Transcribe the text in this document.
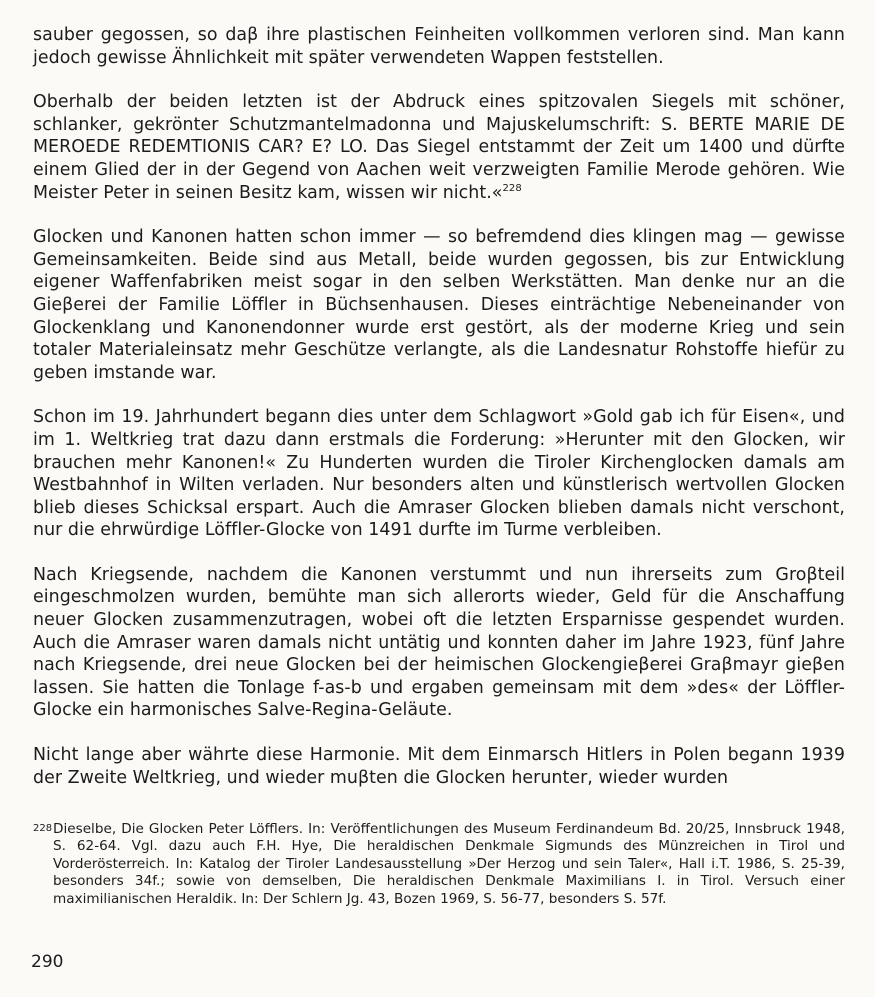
sauber gegossen, so daβ ihre plastischen Feinheiten vollkommen verloren sind. Man kann jedoch gewisse Ähnlichkeit mit später verwendeten Wappen feststellen.

Oberhalb der beiden letzten ist der Abdruck eines spitzovalen Siegels mit schöner, schlanker, gekrönter Schutzmantelmadonna und Majuskelumschrift: S. BERTE MARIE DE MEROEDE REDEMTIONIS CAR? E? LO. Das Siegel entstammt der Zeit um 1400 und dürfte einem Glied der in der Gegend von Aachen weit verzweigten Familie Merode gehören. Wie Meister Peter in seinen Besitz kam, wissen wir nicht.«$^{228}$

Glocken und Kanonen hatten schon immer — so befremdend dies klingen mag — gewisse Gemeinsamkeiten. Beide sind aus Metall, beide wurden gegossen, bis zur Entwicklung eigener Waffenfabriken meist sogar in den selben Werkstätten. Man denke nur an die Gieβerei der Familie Löffler in Büchsenhausen. Dieses einträchtige Nebeneinander von Glockenklang und Kanonendonner wurde erst gestört, als der moderne Krieg und sein totaler Materialeinsatz mehr Geschütze verlangte, als die Landesnatur Rohstoffe hiefür zu geben imstande war.

Schon im 19. Jahrhundert begann dies unter dem Schlagwort »Gold gab ich für Eisen«, und im 1. Weltkrieg trat dazu dann erstmals die Forderung: »Herunter mit den Glocken, wir brauchen mehr Kanonen!« Zu Hunderten wurden die Tiroler Kirchenglocken damals am Westbahnhof in Wilten verladen. Nur besonders alten und künstlerisch wertvollen Glocken blieb dieses Schicksal erspart. Auch die Amraser Glocken blieben damals nicht verschont, nur die ehrwürdige Löffler-Glocke von 1491 durfte im Turme verbleiben.

Nach Kriegsende, nachdem die Kanonen verstummt und nun ihrerseits zum Groβteil eingeschmolzen wurden, bemühte man sich allerorts wieder, Geld für die Anschaffung neuer Glocken zusammenzutragen, wobei oft die letzten Ersparnisse gespendet wurden. Auch die Amraser waren damals nicht untätig und konnten daher im Jahre 1923, fünf Jahre nach Kriegsende, drei neue Glocken bei der heimischen Glockengieβerei Graβmayr gieβen lassen. Sie hatten die Tonlage f-as-b und ergaben gemeinsam mit dem »des« der Löffler-Glocke ein harmonisches Salve-Regina-Geläute.

Nicht lange aber währte diese Harmonie. Mit dem Einmarsch Hitlers in Polen begann 1939 der Zweite Weltkrieg, und wieder muβten die Glocken herunter, wieder wurden

228 Dieselbe, Die Glocken Peter Löfflers. In: Veröffentlichungen des Museum Ferdinandeum Bd. 20/25, Innsbruck 1948, S. 62-64. Vgl. dazu auch F.H. Hye, Die heraldischen Denkmale Sigmunds des Münzreichen in Tirol und Vorderösterreich. In: Katalog der Tiroler Landesausstellung »Der Herzog und sein Taler«, Hall i.T. 1986, S. 25-39, besonders 34f.; sowie von demselben, Die heraldischen Denkmale Maximilians I. in Tirol. Versuch einer maximilianischen Heraldik. In: Der Schlern Jg. 43, Bozen 1969, S. 56-77, besonders S. 57f.
290
